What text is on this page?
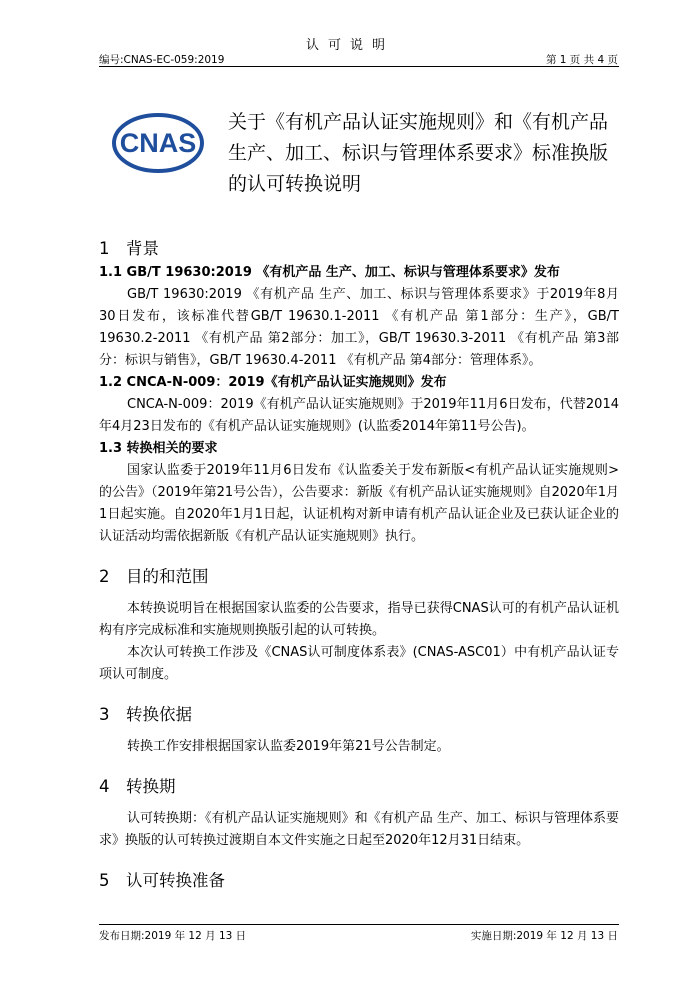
认可说明
编号:CNAS-EC-059:2019	第 1 页 共 4 页
CNAS
关于《有机产品认证实施规则》和《有机产品 生产、加工、标识与管理体系要求》标准换版的认可转换说明
1 背景
1.1 GB/T 19630:2019 《有机产品 生产、加工、标识与管理体系要求》发布

GB/T 19630:2019 《有机产品 生产、加工、标识与管理体系要求》于2019年8月30日发布，该标准代替GB/T 19630.1-2011 《有机产品 第1部分：生产》，GB/T 19630.2-2011 《有机产品 第2部分：加工》，GB/T 19630.3-2011 《有机产品 第3部分：标识与销售》，GB/T 19630.4-2011 《有机产品 第4部分：管理体系》。

1.2 CNCA-N-009：2019《有机产品认证实施规则》发布

CNCA-N-009：2019《有机产品认证实施规则》于2019年11月6日发布，代替2014年4月23日发布的《有机产品认证实施规则》(认监委2014年第11号公告)。

1.3 转换相关的要求

国家认监委于2019年11月6日发布《认监委关于发布新版<有机产品认证实施规则>的公告》（2019年第21号公告），公告要求：新版《有机产品认证实施规则》自2020年1月1日起实施。自2020年1月1日起，认证机构对新申请有机产品认证企业及已获认证企业的认证活动均需依据新版《有机产品认证实施规则》执行。

2 目的和范围

本转换说明旨在根据国家认监委的公告要求，指导已获得CNAS认可的有机产品认证机构有序完成标准和实施规则换版引起的认可转换。

本次认可转换工作涉及《CNAS认可制度体系表》(CNAS-ASC01）中有机产品认证专项认可制度。

3 转换依据

转换工作安排根据国家认监委2019年第21号公告制定。

4 转换期

认可转换期：《有机产品认证实施规则》和《有机产品 生产、加工、标识与管理体系要求》换版的认可转换过渡期自本文件实施之日起至2020年12月31日结束。

5 认可转换准备
发布日期:2019 年 12 月 13 日	实施日期:2019 年 12 月 13 日
